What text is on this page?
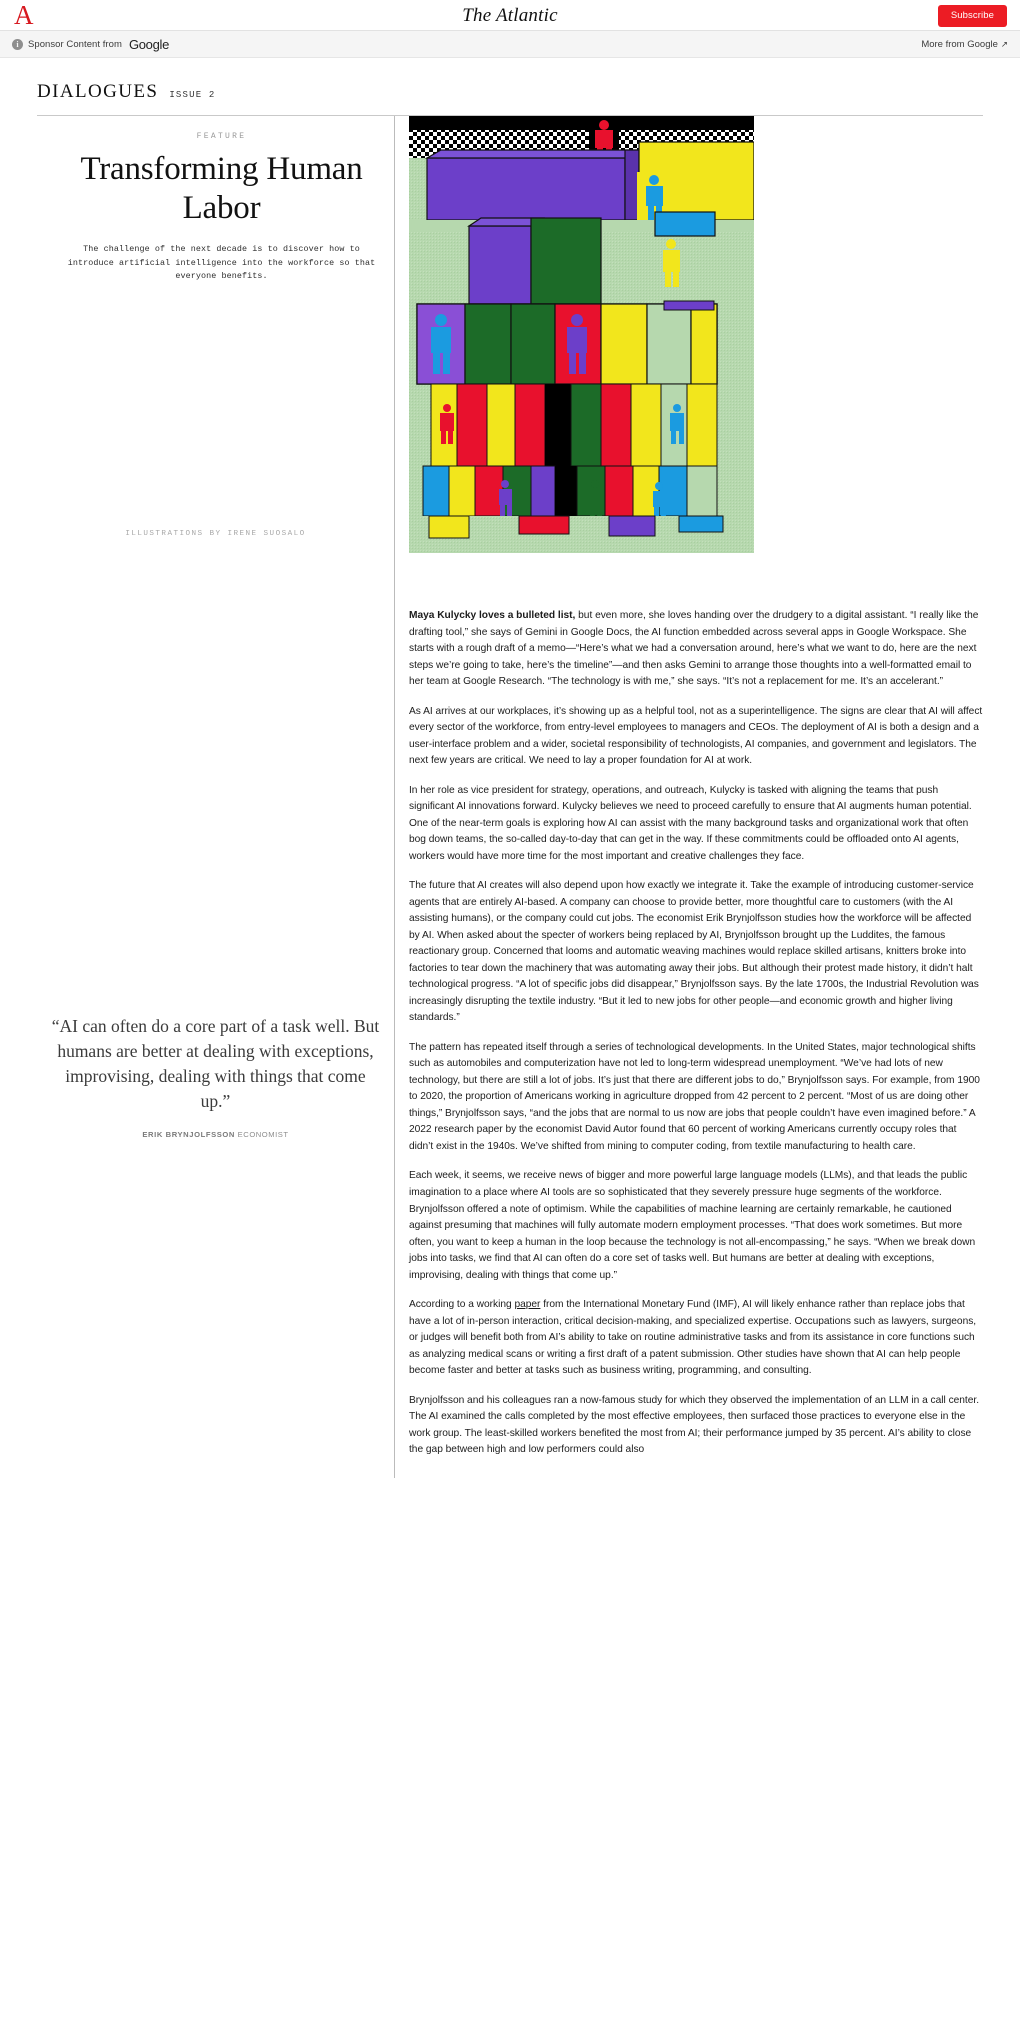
A	The Atlantic	Subscribe
i Sponsor Content from Google	More from Google ↗
DIALOGUES ISSUE 2
FEATURE
Transforming Human Labor

The challenge of the next decade is to discover how to introduce artificial intelligence into the workforce so that everyone benefits.

ILLUSTRATIONS BY IRENE SUOSALO

“AI can often do a core part of a task well. But humans are better at dealing with exceptions, improvising, dealing with things that come up.”

ERIK BRYNJOLFSSON ECONOMIST

Maya Kulycky loves a bulleted list, but even more, she loves handing over the drudgery to a digital assistant. “I really like the drafting tool,” she says of Gemini in Google Docs, the AI function embedded across several apps in Google Workspace. She starts with a rough draft of a memo—“Here’s what we had a conversation around, here’s what we want to do, here are the next steps we’re going to take, here’s the timeline”—and then asks Gemini to arrange those thoughts into a well-formatted email to her team at Google Research. “The technology is with me,” she says. “It’s not a replacement for me. It’s an accelerant.”

As AI arrives at our workplaces, it’s showing up as a helpful tool, not as a superintelligence. The signs are clear that AI will affect every sector of the workforce, from entry-level employees to managers and CEOs. The deployment of AI is both a design and a user-interface problem and a wider, societal responsibility of technologists, AI companies, and government and legislators. The next few years are critical. We need to lay a proper foundation for AI at work.

In her role as vice president for strategy, operations, and outreach, Kulycky is tasked with aligning the teams that push significant AI innovations forward. Kulycky believes we need to proceed carefully to ensure that AI augments human potential. One of the near-term goals is exploring how AI can assist with the many background tasks and organizational work that often bog down teams, the so-called day-to-day that can get in the way. If these commitments could be offloaded onto AI agents, workers would have more time for the most important and creative challenges they face.

The future that AI creates will also depend upon how exactly we integrate it. Take the example of introducing customer-service agents that are entirely AI-based. A company can choose to provide better, more thoughtful care to customers (with the AI assisting humans), or the company could cut jobs. The economist Erik Brynjolfsson studies how the workforce will be affected by AI. When asked about the specter of workers being replaced by AI, Brynjolfsson brought up the Luddites, the famous reactionary group. Concerned that looms and automatic weaving machines would replace skilled artisans, knitters broke into factories to tear down the machinery that was automating away their jobs. But although their protest made history, it didn’t halt technological progress. “A lot of specific jobs did disappear,” Brynjolfsson says. By the late 1700s, the Industrial Revolution was increasingly disrupting the textile industry. “But it led to new jobs for other people—and economic growth and higher living standards.”

The pattern has repeated itself through a series of technological developments. In the United States, major technological shifts such as automobiles and computerization have not led to long-term widespread unemployment. “We’ve had lots of new technology, but there are still a lot of jobs. It’s just that there are different jobs to do,” Brynjolfsson says. For example, from 1900 to 2020, the proportion of Americans working in agriculture dropped from 42 percent to 2 percent. “Most of us are doing other things,” Brynjolfsson says, “and the jobs that are normal to us now are jobs that people couldn’t have even imagined before.” A 2022 research paper by the economist David Autor found that 60 percent of working Americans currently occupy roles that didn’t exist in the 1940s. We’ve shifted from mining to computer coding, from textile manufacturing to health care.

Each week, it seems, we receive news of bigger and more powerful large language models (LLMs), and that leads the public imagination to a place where AI tools are so sophisticated that they severely pressure huge segments of the workforce. Brynjolfsson offered a note of optimism. While the capabilities of machine learning are certainly remarkable, he cautioned against presuming that machines will fully automate modern employment processes. “That does work sometimes. But more often, you want to keep a human in the loop because the technology is not all-encompassing,” he says. “When we break down jobs into tasks, we find that AI can often do a core set of tasks well. But humans are better at dealing with exceptions, improvising, dealing with things that come up.”

According to a working paper from the International Monetary Fund (IMF), AI will likely enhance rather than replace jobs that have a lot of in-person interaction, critical decision-making, and specialized expertise. Occupations such as lawyers, surgeons, or judges will benefit both from AI’s ability to take on routine administrative tasks and from its assistance in core functions such as analyzing medical scans or writing a first draft of a patent submission. Other studies have shown that AI can help people become faster and better at tasks such as business writing, programming, and consulting.

Brynjolfsson and his colleagues ran a now-famous study for which they observed the implementation of an LLM in a call center. The AI examined the calls completed by the most effective employees, then surfaced those practices to everyone else in the work group. The least-skilled workers benefited the most from AI; their performance jumped by 35 percent. AI’s ability to close the gap between high and low performers could also
